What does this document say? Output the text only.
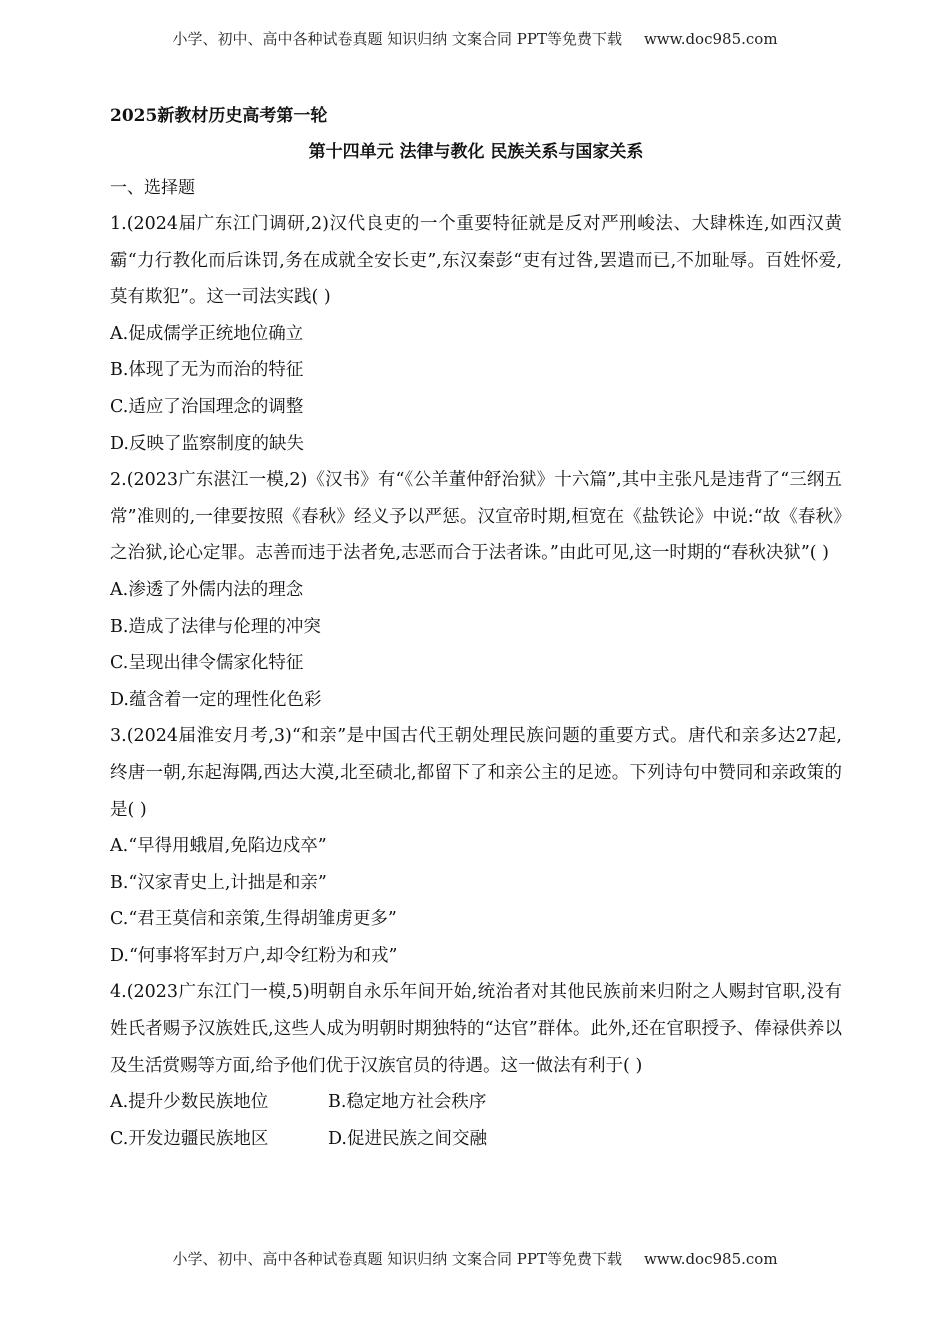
小学、初中、高中各种试卷真题 知识归纳 文案合同 PPT等免费下载 www.doc985.com

2025新教材历史高考第一轮

第十四单元 法律与教化 民族关系与国家关系

一、选择题

1.(2024届广东江门调研,2)汉代良吏的一个重要特征就是反对严刑峻法、大肆株连,如西汉黄霸“力行教化而后诛罚,务在成就全安长吏”,东汉秦彭“吏有过咎,罢遣而已,不加耻辱。百姓怀爱,莫有欺犯”。这一司法实践( )

A.促成儒学正统地位确立

B.体现了无为而治的特征

C.适应了治国理念的调整

D.反映了监察制度的缺失

2.(2023广东湛江一模,2)《汉书》有“《公羊董仲舒治狱》十六篇”,其中主张凡是违背了“三纲五常”准则的,一律要按照《春秋》经义予以严惩。汉宣帝时期,桓宽在《盐铁论》中说:“故《春秋》之治狱,论心定罪。志善而违于法者免,志恶而合于法者诛。”由此可见,这一时期的“春秋决狱”( )

A.渗透了外儒内法的理念

B.造成了法律与伦理的冲突

C.呈现出律令儒家化特征

D.蕴含着一定的理性化色彩

3.(2024届淮安月考,3)“和亲”是中国古代王朝处理民族问题的重要方式。唐代和亲多达27起,终唐一朝,东起海隅,西达大漠,北至碛北,都留下了和亲公主的足迹。下列诗句中赞同和亲政策的是( )

A.“早得用蛾眉,免陷边戍卒”

B.“汉家青史上,计拙是和亲”

C.“君王莫信和亲策,生得胡雏虏更多”

D.“何事将军封万户,却令红粉为和戎”

4.(2023广东江门一模,5)明朝自永乐年间开始,统治者对其他民族前来归附之人赐封官职,没有姓氏者赐予汉族姓氏,这些人成为明朝时期独特的“达官”群体。此外,还在官职授予、俸禄供养以及生活赏赐等方面,给予他们优于汉族官员的待遇。这一做法有利于( )

A.提升少数民族地位	B.稳定地方社会秩序

C.开发边疆民族地区	D.促进民族之间交融

小学、初中、高中各种试卷真题 知识归纳 文案合同 PPT等免费下载 www.doc985.com
